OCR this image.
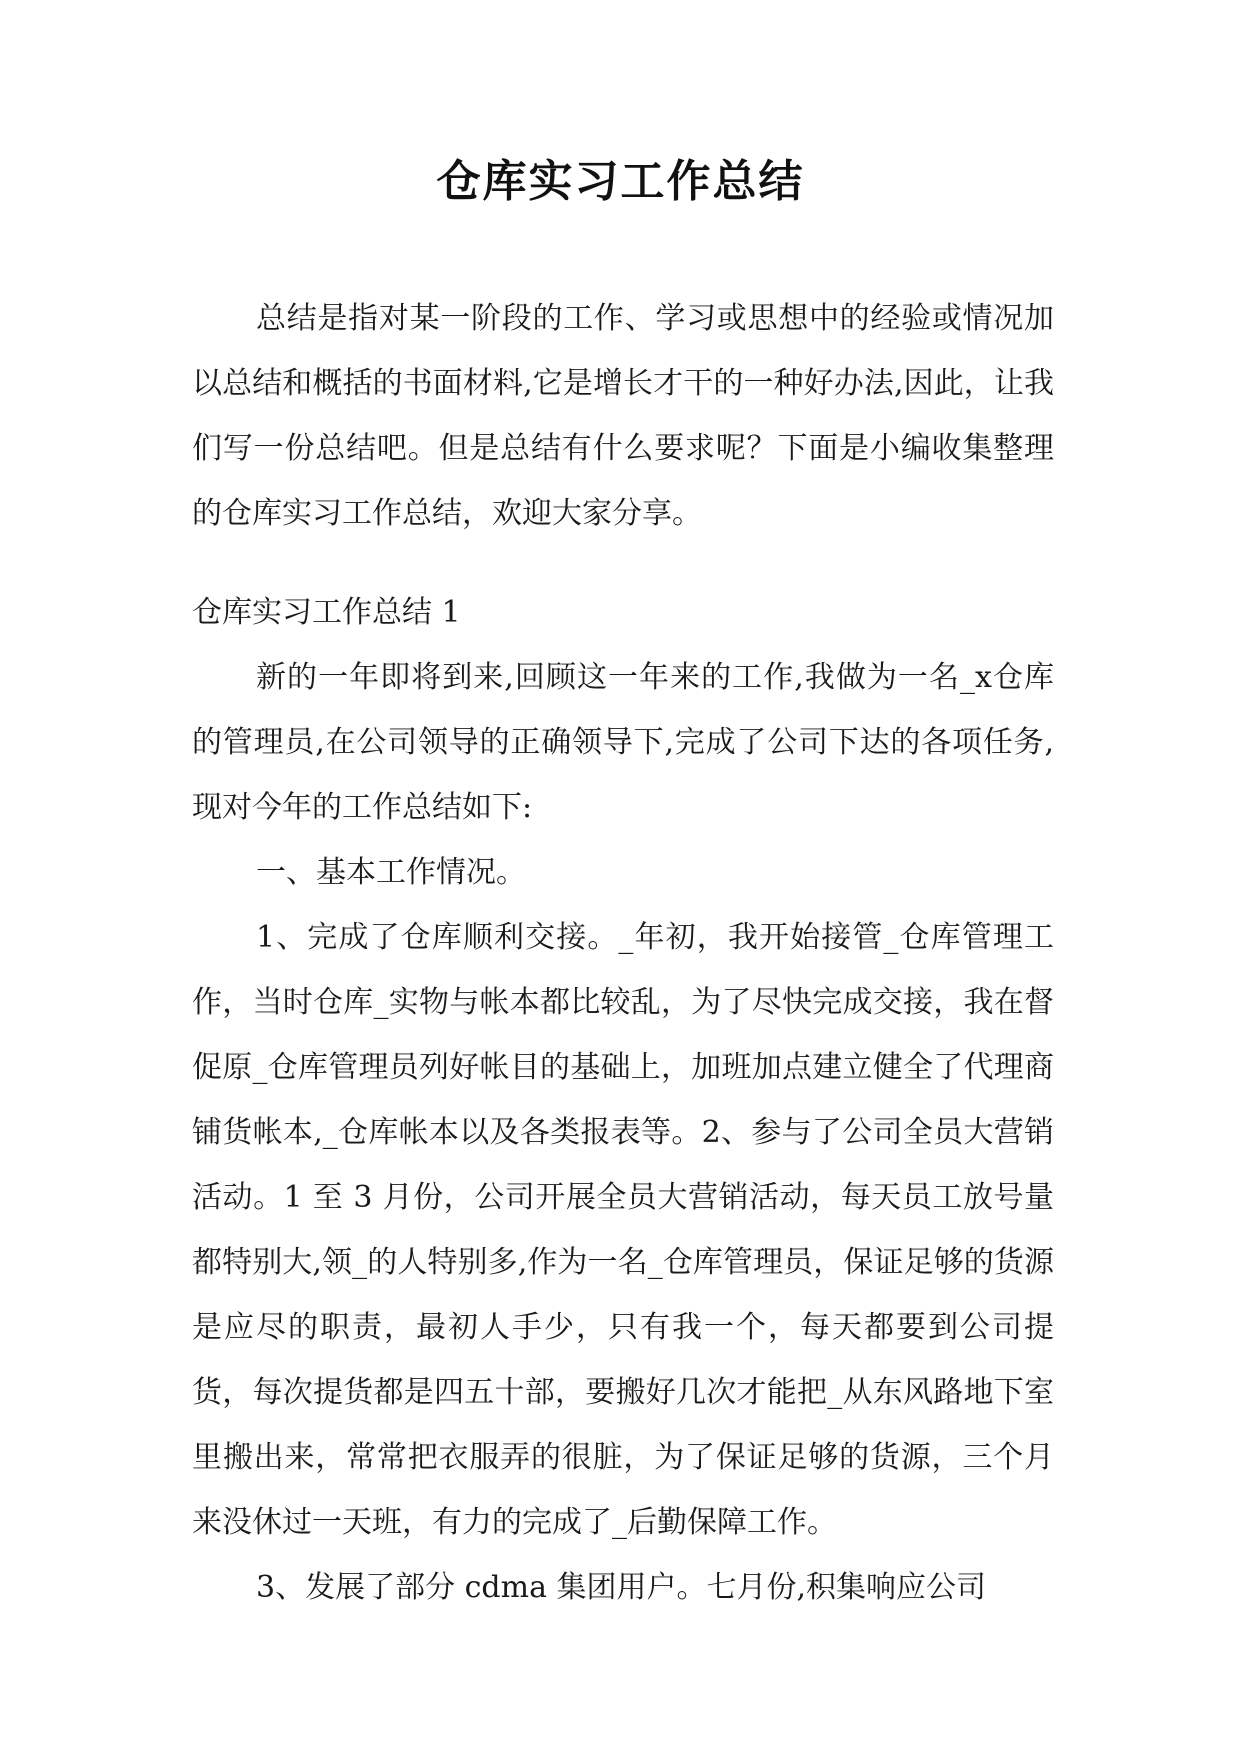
仓库实习工作总结

总结是指对某一阶段的工作、学习或思想中的经验或情况加以总结和概括的书面材料,它是增长才干的一种好办法,因此，让我们写一份总结吧。但是总结有什么要求呢？下面是小编收集整理的仓库实习工作总结，欢迎大家分享。

仓库实习工作总结 1

新的一年即将到来,回顾这一年来的工作,我做为一名_x仓库的管理员,在公司领导的正确领导下,完成了公司下达的各项任务,现对今年的工作总结如下:

一、基本工作情况。

1、完成了仓库顺利交接。_年初，我开始接管_仓库管理工作，当时仓库_实物与帐本都比较乱，为了尽快完成交接，我在督促原_仓库管理员列好帐目的基础上，加班加点建立健全了代理商铺货帐本,_仓库帐本以及各类报表等。2、参与了公司全员大营销活动。1 至 3 月份，公司开展全员大营销活动，每天员工放号量都特别大,领_的人特别多,作为一名_仓库管理员，保证足够的货源是应尽的职责，最初人手少，只有我一个，每天都要到公司提货，每次提货都是四五十部，要搬好几次才能把_从东风路地下室里搬出来，常常把衣服弄的很脏，为了保证足够的货源，三个月来没休过一天班，有力的完成了_后勤保障工作。

3、发展了部分 cdma 集团用户。七月份,积集响应公司
